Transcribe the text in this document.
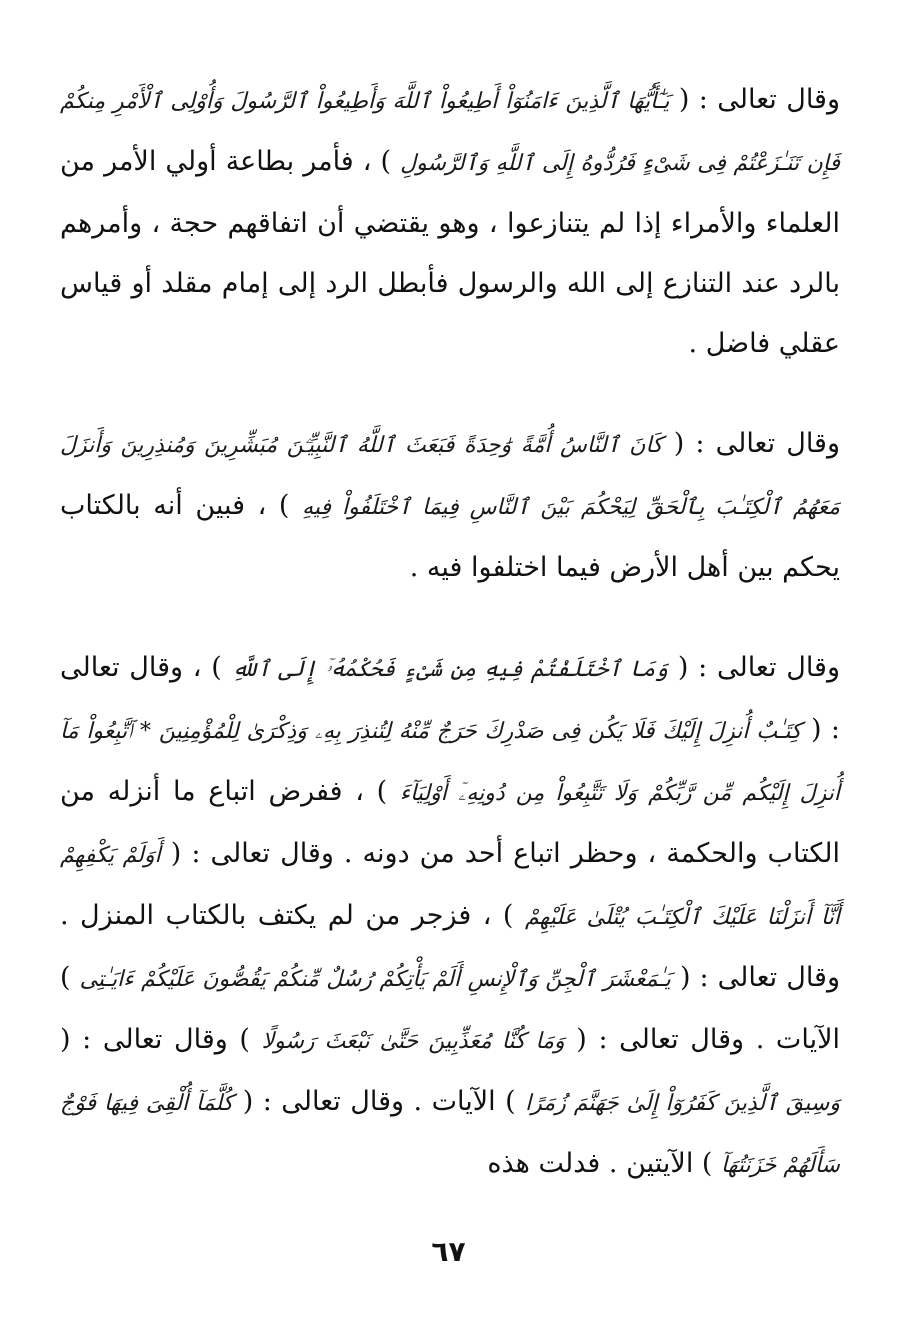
وقال تعالى : ( يَـٰٓأَيُّهَا ٱلَّذِينَ ءَامَنُوٓاْ أَطِيعُواْ ٱللَّهَ وَأَطِيعُواْ ٱلرَّسُولَ وَأُوْلِى ٱلْأَمْرِ مِنكُمْ فَإِن تَنَـٰزَعْتُمْ فِى شَىْءٍ فَرُدُّوهُ إِلَى ٱللَّهِ وَٱلرَّسُولِ ) ، فأمر بطاعة أولي الأمر من العلماء والأمراء إذا لم يتنازعوا ، وهو يقتضي أن اتفاقهم حجة ، وأمرهم بالرد عند التنازع إلى الله والرسول فأبطل الرد إلى إمام مقلد أو قياس عقلي فاضل .

وقال تعالى : ( كَانَ ٱلنَّاسُ أُمَّةً وَٰحِدَةً فَبَعَثَ ٱللَّهُ ٱلنَّبِيِّـۧنَ مُبَشِّرِينَ وَمُنذِرِينَ وَأَنزَلَ مَعَهُمُ ٱلْكِتَـٰبَ بِٱلْحَقِّ لِيَحْكُمَ بَيْنَ ٱلنَّاسِ فِيمَا ٱخْتَلَفُواْ فِيهِ ) ، فبين أنه بالكتاب يحكم بين أهل الأرض فيما اختلفوا فيه .

وقال تعالى : ( وَمَا ٱخْتَلَفْتُمْ فِيهِ مِن شَىْءٍ فَحُكْمُهُۥٓ إِلَى ٱللَّهِ ) ، وقال تعالى : ( كِتَـٰبٌ أُنزِلَ إِلَيْكَ فَلَا يَكُن فِى صَدْرِكَ حَرَجٌ مِّنْهُ لِتُنذِرَ بِهِۦ وَذِكْرَىٰ لِلْمُؤْمِنِينَ * ٱتَّبِعُواْ مَآ أُنزِلَ إِلَيْكُم مِّن رَّبِّكُمْ وَلَا تَتَّبِعُواْ مِن دُونِهِۦٓ أَوْلِيَآءَ ) ، ففرض اتباع ما أنزله من الكتاب والحكمة ، وحظر اتباع أحد من دونه . وقال تعالى : ( أَوَلَمْ يَكْفِهِمْ أَنَّآ أَنزَلْنَا عَلَيْكَ ٱلْكِتَـٰبَ يُتْلَىٰ عَلَيْهِمْ ) ، فزجر من لم يكتف بالكتاب المنزل . وقال تعالى : ( يَـٰمَعْشَرَ ٱلْجِنِّ وَٱلْإِنسِ أَلَمْ يَأْتِكُمْ رُسُلٌ مِّنكُمْ يَقُصُّونَ عَلَيْكُمْ ءَايَـٰتِى ) الآيات . وقال تعالى : ( وَمَا كُنَّا مُعَذِّبِينَ حَتَّىٰ نَبْعَثَ رَسُولًا ) وقال تعالى : ( وَسِيقَ ٱلَّذِينَ كَفَرُوٓاْ إِلَىٰ جَهَنَّمَ زُمَرًا ) الآيات . وقال تعالى : ( كُلَّمَآ أُلْقِىَ فِيهَا فَوْجٌ سَأَلَهُمْ خَزَنَتُهَآ ) الآيتين . فدلت هذه

٦٧
